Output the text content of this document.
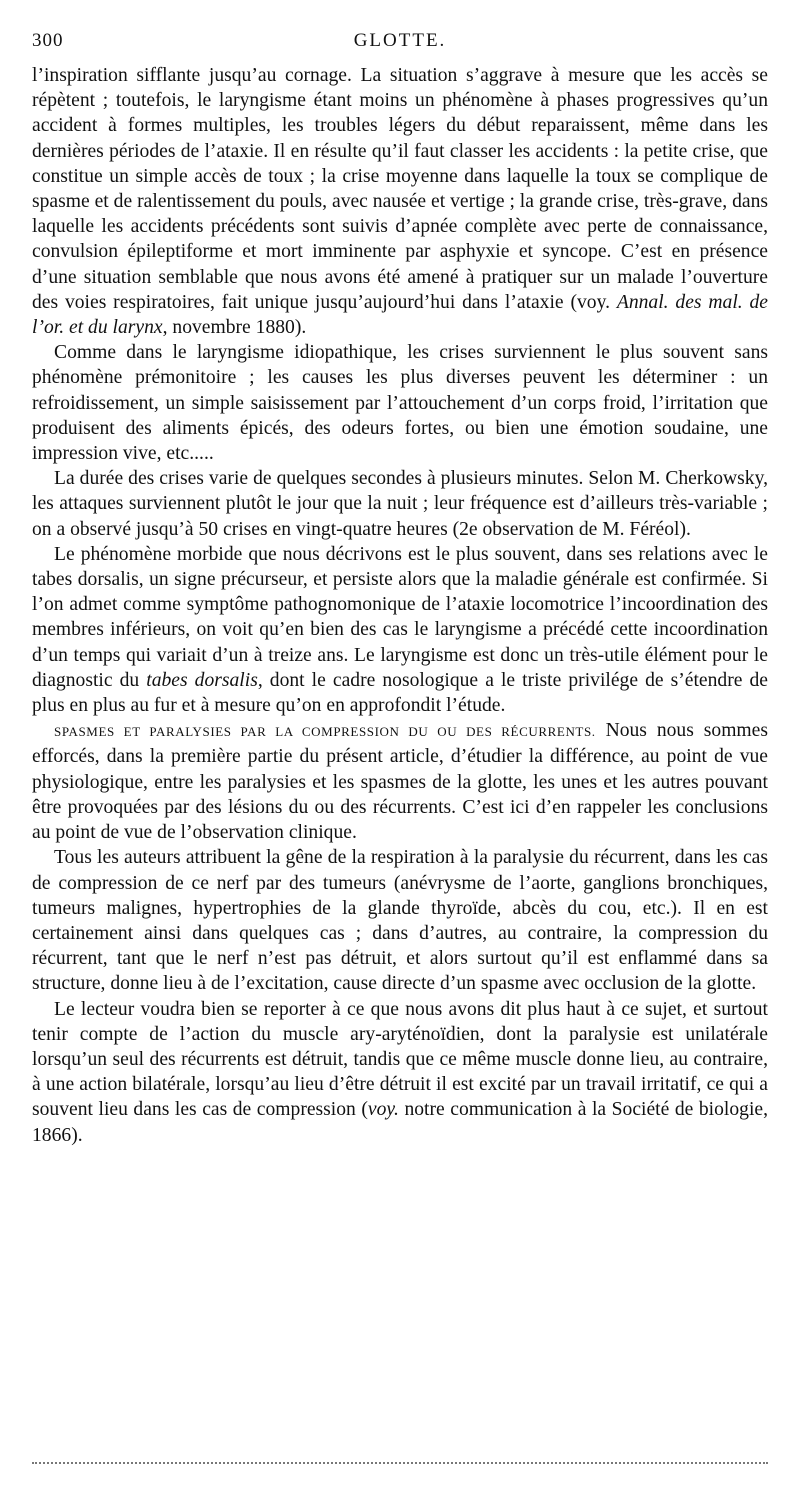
300	GLOTTE.

l’inspiration sifflante jusqu’au cornage. La situation s’aggrave à mesure que les accès se répètent ; toutefois, le laryngisme étant moins un phénomène à phases progressives qu’un accident à formes multiples, les troubles légers du début reparaissent, même dans les dernières périodes de l’ataxie. Il en résulte qu’il faut classer les accidents : la petite crise, que constitue un simple accès de toux ; la crise moyenne dans laquelle la toux se complique de spasme et de ralentissement du pouls, avec nausée et vertige ; la grande crise, très-grave, dans laquelle les accidents précédents sont suivis d’apnée complète avec perte de connaissance, convulsion épileptiforme et mort imminente par asphyxie et syncope. C’est en présence d’une situation semblable que nous avons été amené à pratiquer sur un malade l’ouverture des voies respiratoires, fait unique jusqu’aujourd’hui dans l’ataxie (voy. Annal. des mal. de l’or. et du larynx, novembre 1880).

Comme dans le laryngisme idiopathique, les crises surviennent le plus souvent sans phénomène prémonitoire ; les causes les plus diverses peuvent les déterminer : un refroidissement, un simple saisissement par l’attouchement d’un corps froid, l’irritation que produisent des aliments épicés, des odeurs fortes, ou bien une émotion soudaine, une impression vive, etc.....

La durée des crises varie de quelques secondes à plusieurs minutes. Selon M. Cherkowsky, les attaques surviennent plutôt le jour que la nuit ; leur fréquence est d’ailleurs très-variable ; on a observé jusqu’à 50 crises en vingt-quatre heures (2e observation de M. Féréol).

Le phénomène morbide que nous décrivons est le plus souvent, dans ses relations avec le tabes dorsalis, un signe précurseur, et persiste alors que la maladie générale est confirmée. Si l’on admet comme symptôme pathognomonique de l’ataxie locomotrice l’incoordination des membres inférieurs, on voit qu’en bien des cas le laryngisme a précédé cette incoordination d’un temps qui variait d’un à treize ans. Le laryngisme est donc un très-utile élément pour le diagnostic du tabes dorsalis, dont le cadre nosologique a le triste privilége de s’étendre de plus en plus au fur et à mesure qu’on en approfondit l’étude.

SPASMES ET PARALYSIES PAR LA COMPRESSION DU OU DES RÉCURRENTS. Nous nous sommes efforcés, dans la première partie du présent article, d’étudier la différence, au point de vue physiologique, entre les paralysies et les spasmes de la glotte, les unes et les autres pouvant être provoquées par des lésions du ou des récurrents. C’est ici d’en rappeler les conclusions au point de vue de l’observation clinique.

Tous les auteurs attribuent la gêne de la respiration à la paralysie du récurrent, dans les cas de compression de ce nerf par des tumeurs (anévrysme de l’aorte, ganglions bronchiques, tumeurs malignes, hypertrophies de la glande thyroïde, abcès du cou, etc.). Il en est certainement ainsi dans quelques cas ; dans d’autres, au contraire, la compression du récurrent, tant que le nerf n’est pas détruit, et alors surtout qu’il est enflammé dans sa structure, donne lieu à de l’excitation, cause directe d’un spasme avec occlusion de la glotte.

Le lecteur voudra bien se reporter à ce que nous avons dit plus haut à ce sujet, et surtout tenir compte de l’action du muscle ary-aryténoïdien, dont la paralysie est unilatérale lorsqu’un seul des récurrents est détruit, tandis que ce même muscle donne lieu, au contraire, à une action bilatérale, lorsqu’au lieu d’être détruit il est excité par un travail irritatif, ce qui a souvent lieu dans les cas de compression (voy. notre communication à la Société de biologie, 1866).
